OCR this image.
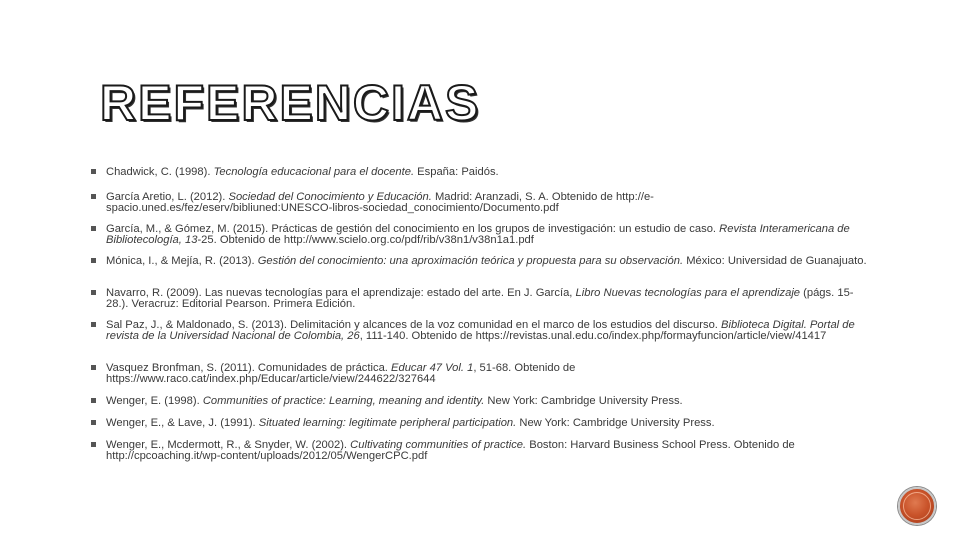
REFERENCIAS
Chadwick, C. (1998). Tecnología educacional para el docente. España: Paidós.
García Aretio, L. (2012). Sociedad del Conocimiento y Educación. Madrid: Aranzadi, S. A. Obtenido de http://e-spacio.uned.es/fez/eserv/bibliuned:UNESCO-libros-sociedad_conocimiento/Documento.pdf
García, M., & Gómez, M. (2015). Prácticas de gestión del conocimiento en los grupos de investigación: un estudio de caso. Revista Interamericana de Bibliotecología, 13-25. Obtenido de http://www.scielo.org.co/pdf/rib/v38n1/v38n1a1.pdf
Mónica, I., & Mejía, R. (2013). Gestión del conocimiento: una aproximación teórica y propuesta para su observación. México: Universidad de Guanajuato.
Navarro, R. (2009). Las nuevas tecnologías para el aprendizaje: estado del arte. En J. García, Libro Nuevas tecnologías para el aprendizaje (págs. 15-28.). Veracruz: Editorial Pearson. Primera Edición.
Sal Paz, J., & Maldonado, S. (2013). Delimitación y alcances de la voz comunidad en el marco de los estudios del discurso. Biblioteca Digital. Portal de revista de la Universidad Nacional de Colombia, 26, 111-140. Obtenido de https://revistas.unal.edu.co/index.php/formayfuncion/article/view/41417
Vasquez Bronfman, S. (2011). Comunidades de práctica. Educar 47 Vol. 1, 51-68. Obtenido de https://www.raco.cat/index.php/Educar/article/view/244622/327644
Wenger, E. (1998). Communities of practice: Learning, meaning and identity. New York: Cambridge University Press.
Wenger, E., & Lave, J. (1991). Situated learning: legitimate peripheral participation. New York: Cambridge University Press.
Wenger, E., Mcdermott, R., & Snyder, W. (2002). Cultivating communities of practice. Boston: Harvard Business School Press. Obtenido de http://cpcoaching.it/wp-content/uploads/2012/05/WengerCPC.pdf
